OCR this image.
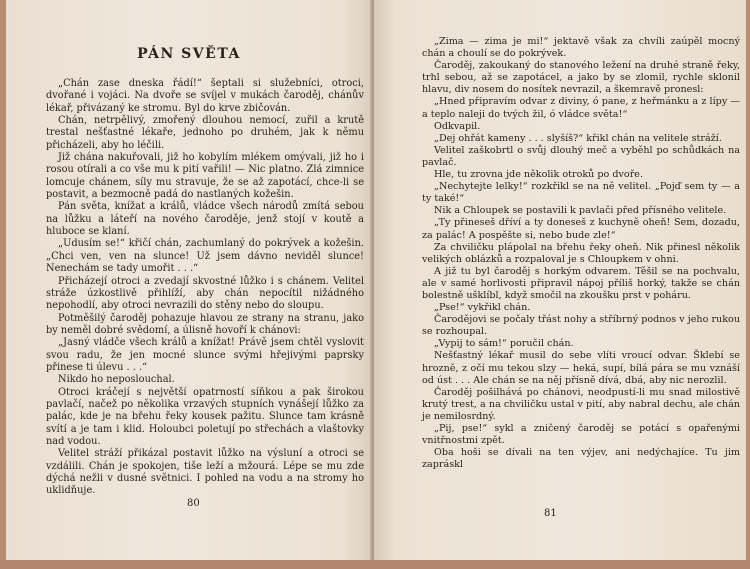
PÁN SVĚTA

„Chán zase dneska řádí!“ šeptali si služebníci, otroci, dvořané i vojáci. Na dvoře se svíjel v mukách čaroděj, chánův lékař, přivázaný ke stromu. Byl do krve zbičován.

Chán, netrpělivý, zmořený dlouhou nemocí, zuřil a krutě trestal nešťastné lékaře, jednoho po druhém, jak k němu přicházeli, aby ho léčili.

Již chána nakuřovali, již ho kobylím mlékem omývali, již ho i rosou otírali a co vše mu k pití vařili! — Nic platno. Zlá zimnice lomcuje chánem, síly mu stravuje, že se až zapotácí, chce-li se postavit, a bezmocně padá do nastlaných kožešin.

Pán světa, knížat a králů, vládce všech národů zmítá sebou na lůžku a láteří na nového čaroděje, jenž stojí v koutě a hluboce se klaní.

„Udusím se!“ křičí chán, zachumlaný do pokrývek a kožešin. „Chci ven, ven na slunce! Už jsem dávno neviděl slunce! Nenechám se tady umořit . . .“

Přicházejí otroci a zvedají skvostné lůžko i s chánem. Velitel stráže úzkostlivě přihlíží, aby chán nepocítil nižádného nepohodlí, aby otroci nevrazili do stěny nebo do sloupu.

Potměšilý čaroděj pohazuje hlavou ze strany na stranu, jako by neměl dobré svědomí, a úlisně hovoří k chánovi:

„Jasný vládče všech králů a knížat! Právě jsem chtěl vyslovit svou radu, že jen mocné slunce svými hřejivými paprsky přinese ti úlevu . . .“

Nikdo ho neposlouchal.

Otroci kráčejí s největší opatrností síňkou a pak širokou pavlačí, načež po několika vrzavých stupních vynášejí lůžko za palác, kde je na břehu řeky kousek pažitu. Slunce tam krásně svítí a je tam i klid. Holoubci poletují po střechách a vlaštovky nad vodou.

Velitel stráží přikázal postavit lůžko na výsluní a otroci se vzdálili. Chán je spokojen, tiše leží a mžourá. Lépe se mu zde dýchá nežli v dusné světnici. I pohled na vodu a na stromy ho uklidňuje.

80

„Zima — zima je mi!“ jektavě však za chvíli zaúpěl mocný chán a choulí se do pokrývek.

Čaroděj, zakoukaný do stanového ležení na druhé straně řeky, trhl sebou, až se zapotácel, a jako by se zlomil, rychle sklonil hlavu, div nosem do nosítek nevrazil, a škemravě pronesl:

„Hned připravím odvar z diviny, ó pane, z heřmánku a z lípy — a teplo naleji do tvých žil, ó vládce světa!“

Odkvapil.

„Dej ohřát kameny . . . slyšíš?“ křikl chán na velitele stráží.

Velitel zaškobrtl o svůj dlouhý meč a vyběhl po schůdkách na pavlač.

Hle, tu zrovna jde několik otroků po dvoře.

„Nechytejte lelky!“ rozkřikl se na ně velitel. „Pojď sem ty — a ty také!“

Nik a Chloupek se postavili k pavlači před přísného velitele.

„Ty přineseš dříví a ty doneseš z kuchyně oheň! Sem, dozadu, za palác! A pospěšte si, nebo bude zle!“

Za chviličku plápolal na břehu řeky oheň. Nik přinesl několik velikých oblázků a rozpaloval je s Chloupkem v ohni.

A již tu byl čaroděj s horkým odvarem. Těšil se na pochvalu, ale v samé horlivosti připravil nápoj příliš horký, takže se chán bolestně ušklíbl, když smočil na zkoušku prst v poháru.

„Pse!“ vykřikl chán.

Čarodějovi se počaly třást nohy a stříbrný podnos v jeho rukou se rozhoupal.

„Vypij to sám!“ poručil chán.

Nešťastný lékař musil do sebe vlíti vroucí odvar. Šklebí se hrozně, z očí mu tekou slzy — heká, supí, bílá pára se mu vznáší od úst . . . Ale chán se na něj přísně dívá, dbá, aby nic nerozlil.

Čaroděj pošilhává po chánovi, neodpustí-li mu snad milostivě krutý trest, a na chviličku ustal v pití, aby nabral dechu, ale chán je nemilosrdný.

„Pij, pse!“ sykl a zničený čaroděj se potácí s opařenými vnitřnostmi zpět.

Oba hoši se dívali na ten výjev, ani nedýchajíce. Tu jim zapráskl

81
